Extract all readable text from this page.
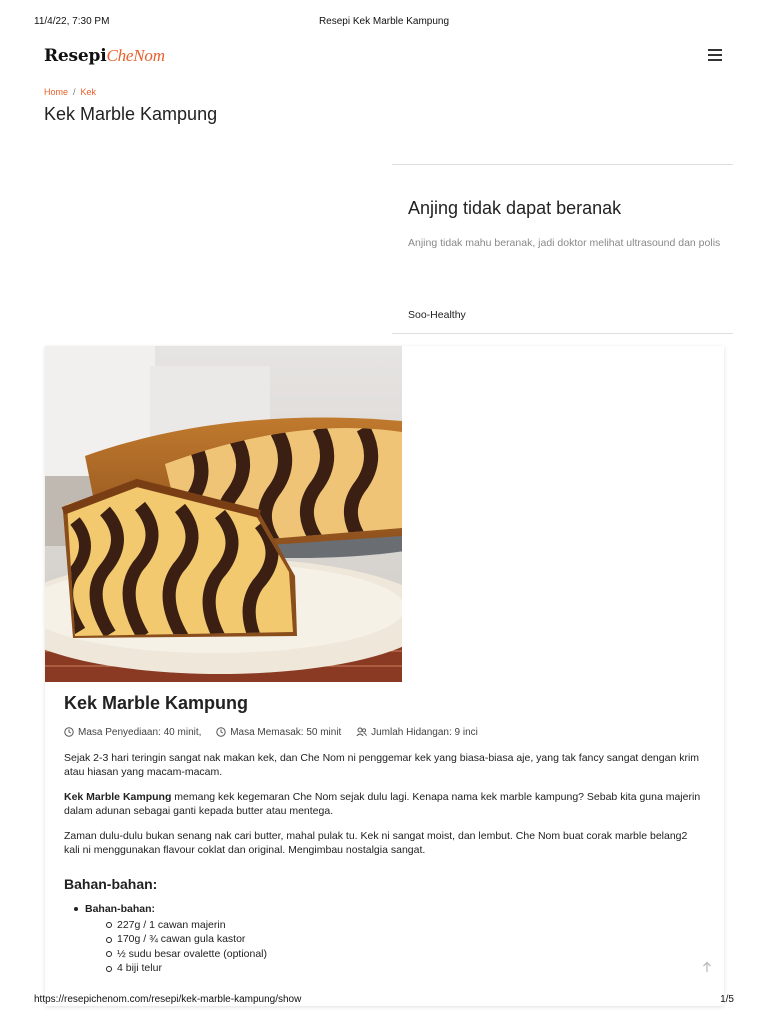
11/4/22, 7:30 PM	Resepi Kek Marble Kampung
ResepiCheNom
Home / Kek
Kek Marble Kampung
Anjing tidak dapat beranak
Anjing tidak mahu beranak, jadi doktor melihat ultrasound dan polis
Soo-Healthy
Kek Marble Kampung
Masa Penyediaan: 40 minit,	Masa Memasak: 50 minit	Jumlah Hidangan: 9 inci

Sejak 2-3 hari teringin sangat nak makan kek, dan Che Nom ni penggemar kek yang biasa-biasa aje, yang tak fancy sangat dengan krim atau hiasan yang macam-macam.

Kek Marble Kampung memang kek kegemaran Che Nom sejak dulu lagi. Kenapa nama kek marble kampung? Sebab kita guna majerin dalam adunan sebagai ganti kepada butter atau mentega.

Zaman dulu-dulu bukan senang nak cari butter, mahal pulak tu. Kek ni sangat moist, dan lembut. Che Nom buat corak marble belang2 kali ni menggunakan flavour coklat dan original. Mengimbau nostalgia sangat.

Bahan-bahan:
Bahan-bahan:
227g / 1 cawan majerin
170g / ¾ cawan gula kastor
½ sudu besar ovalette (optional)
4 biji telur
https://resepichenom.com/resepi/kek-marble-kampung/show	1/5
